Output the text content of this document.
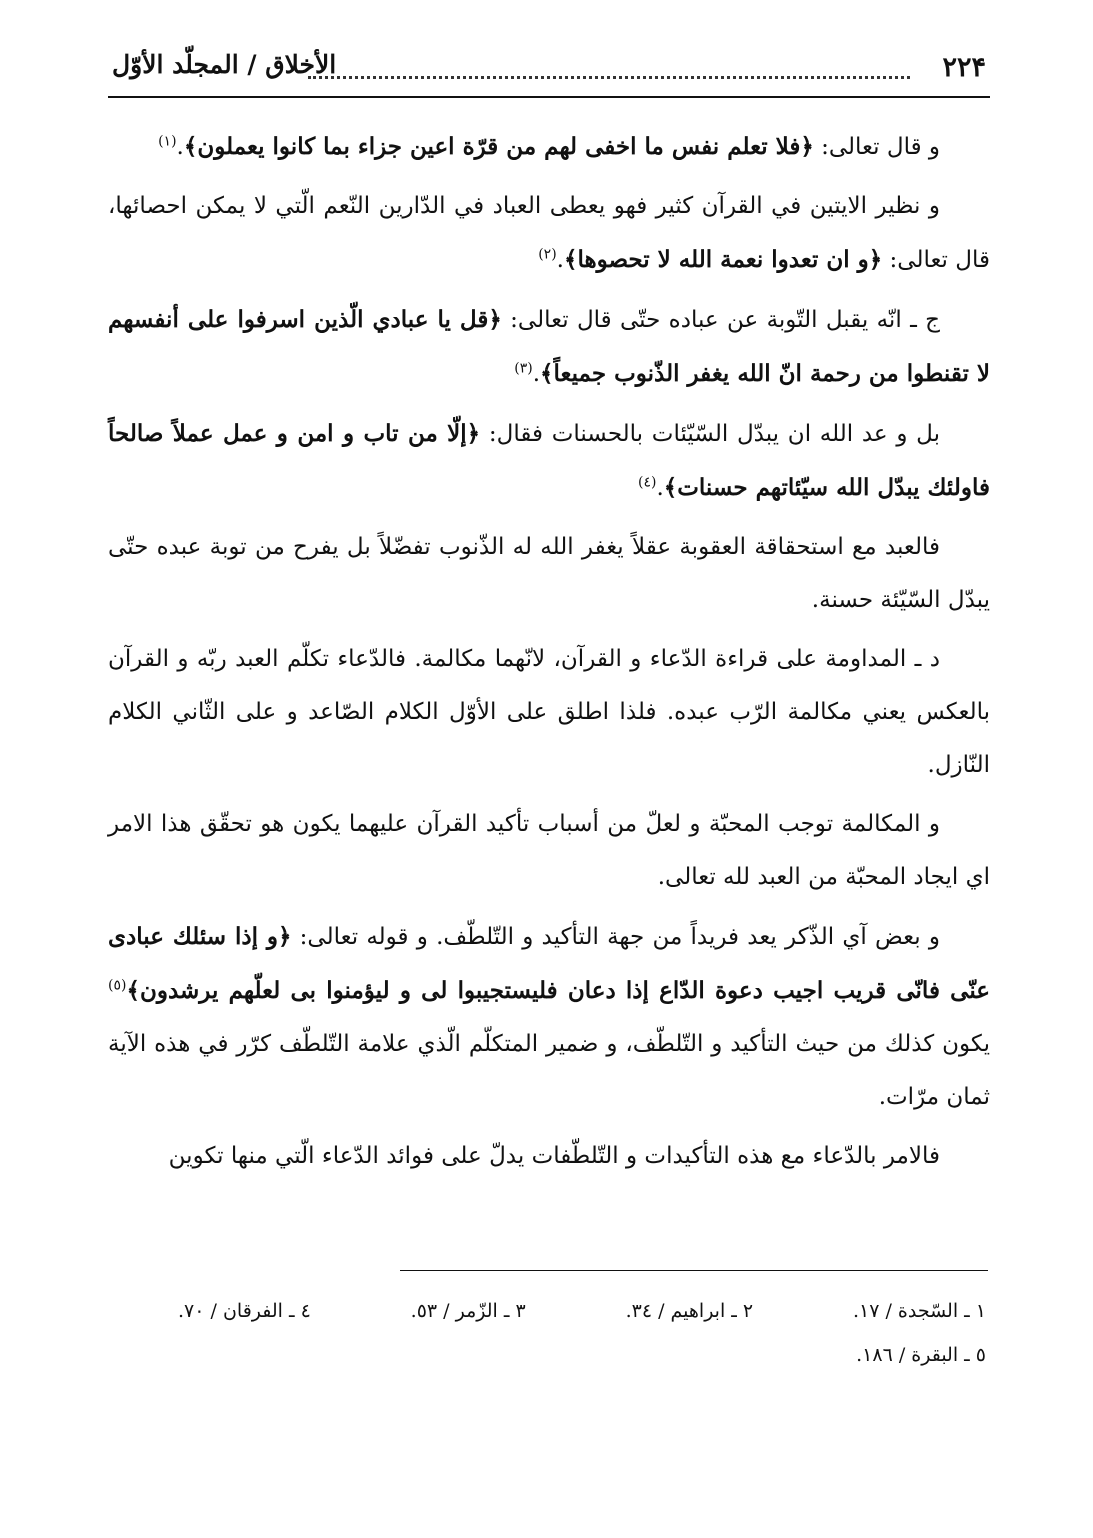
٢٢۴
الأخلاق / المجلّد الأوّل

و قال تعالى: ﴿فلا تعلم نفس ما اخفى لهم من قرّة اعين جزاء بما كانوا يعملون﴾.$^{(١)}$

و نظير الايتين في القرآن كثير فهو يعطى العباد في الدّارين النّعم الّتي لا يمكن احصائها، قال تعالى: ﴿و ان تعدوا نعمة الله لا تحصوها﴾.$^{(٢)}$

ج ـ انّه يقبل التّوبة عن عباده حتّى قال تعالى: ﴿قل يا عبادي الّذين اسرفوا على أنفسهم لا تقنطوا من رحمة انّ الله يغفر الذّنوب جميعاً﴾.$^{(٣)}$

بل و عد الله ان يبدّل السّيّئات بالحسنات فقال: ﴿إلّا من تاب و امن و عمل عملاً صالحاً فاولئك يبدّل الله سيّئاتهم حسنات﴾.$^{(٤)}$

فالعبد مع استحقاقة العقوبة عقلاً يغفر الله له الذّنوب تفضّلاً بل يفرح من توبة عبده حتّى يبدّل السّيّئة حسنة.

د ـ المداومة على قراءة الدّعاء و القرآن، لانّهما مكالمة. فالدّعاء تكلّم العبد ربّه و القرآن بالعكس يعني مكالمة الرّب عبده. فلذا اطلق على الأوّل الكلام الصّاعد و على الثّاني الكلام النّازل.

و المكالمة توجب المحبّة و لعلّ من أسباب تأكيد القرآن عليهما يكون هو تحقّق هذا الامر اي ايجاد المحبّة من العبد لله تعالى.

و بعض آي الذّكر يعد فريداً من جهة التأكيد و التّلطّف. و قوله تعالى: ﴿و إذا سئلك عبادى عنّى فانّى قريب اجيب دعوة الدّاع إذا دعان فليستجيبوا لى و ليؤمنوا بى لعلّهم يرشدون﴾$^{(٥)}$ يكون كذلك من حيث التأكيد و التّلطّف، و ضمير المتكلّم الّذي علامة التّلطّف كرّر في هذه الآية ثمان مرّات.

فالامر بالدّعاء مع هذه التأكيدات و التّلطّفات يدلّ على فوائد الدّعاء الّتي منها تكوين

١ ـ السّجدة / ١٧.
٢ ـ ابراهيم / ٣٤.
٣ ـ الزّمر / ٥٣.
٤ ـ الفرقان / ٧٠.
٥ ـ البقرة / ١٨٦.
